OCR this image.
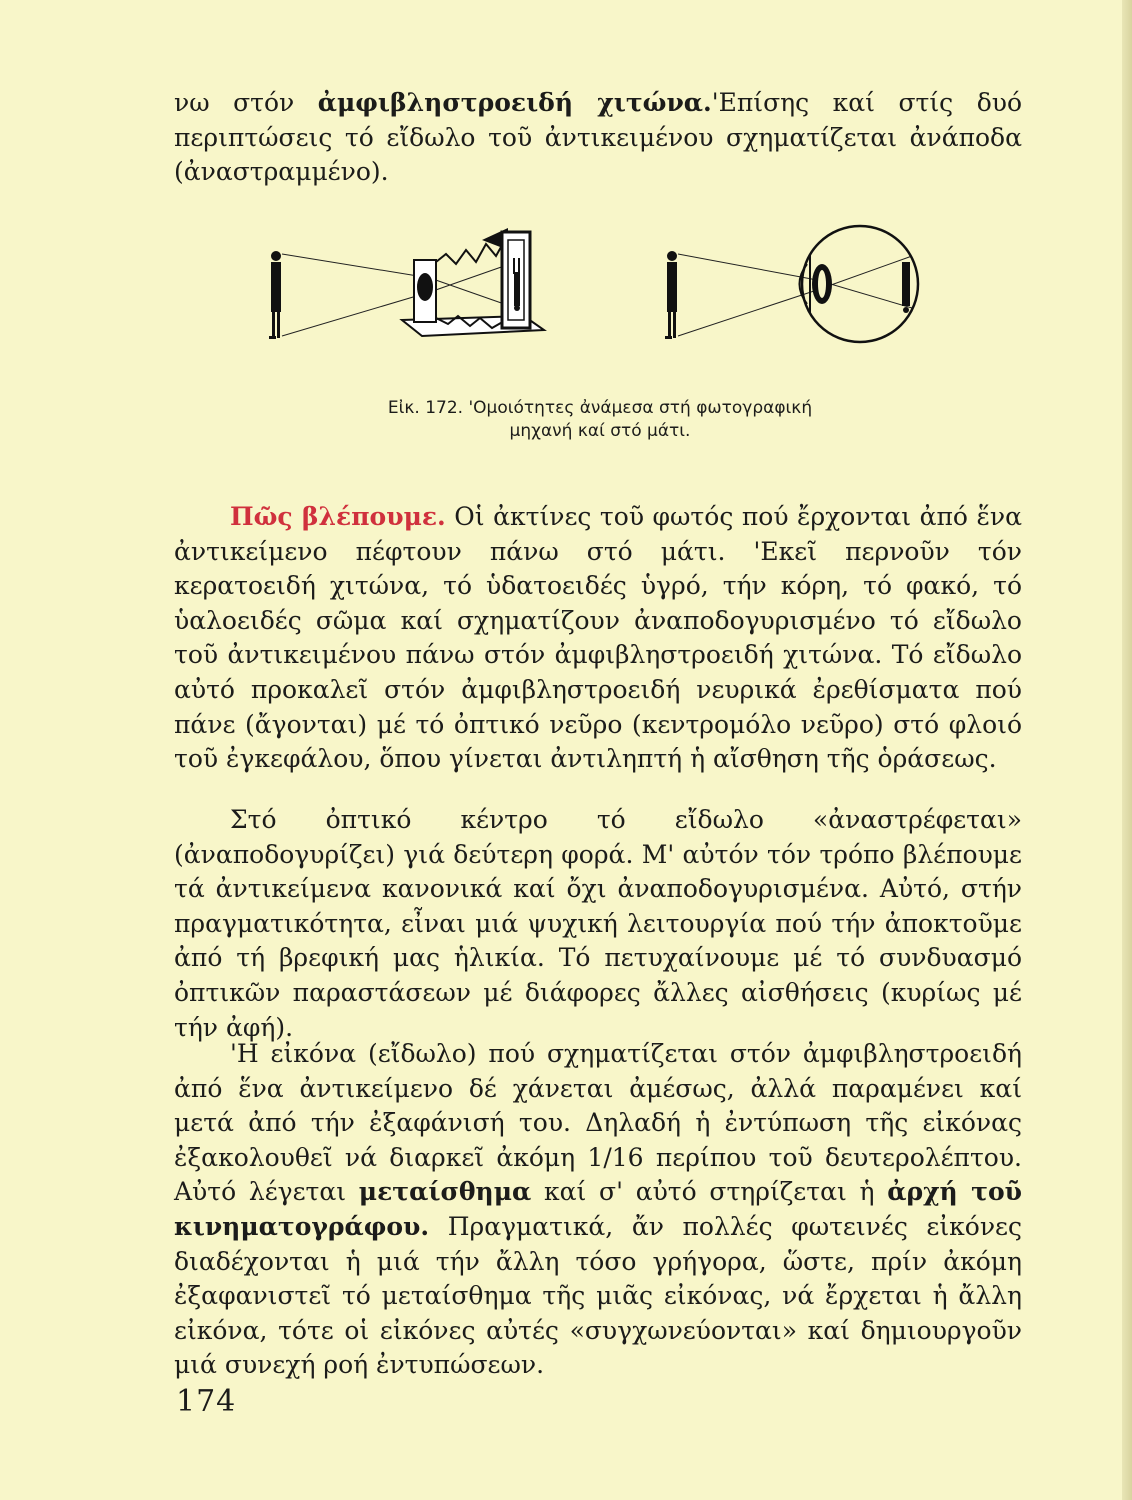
νω στόν ἀμφιβληστροειδή χιτώνα.'Επίσης καί στίς δυό περιπτώσεις τό εἴδωλο τοῦ ἀντικειμένου σχηματίζεται ἀνάποδα (ἀναστραμμένο).

Εἰκ. 172. 'Ομοιότητες ἀνάμεσα στή φωτογραφική
μηχανή καί στό μάτι.

Πῶς βλέπουμε. Οἱ ἀκτίνες τοῦ φωτός πού ἔρχονται ἀπό ἕνα ἀντικείμενο πέφτουν πάνω στό μάτι. 'Εκεῖ περνοῦν τόν κερατοειδή χιτώνα, τό ὑδατοειδές ὑγρό, τήν κόρη, τό φακό, τό ὑαλοειδές σῶμα καί σχηματίζουν ἀναποδογυρισμένο τό εἴδωλο τοῦ ἀντικειμένου πάνω στόν ἀμφιβληστροειδή χιτώνα. Τό εἴδωλο αὐτό προκαλεῖ στόν ἀμφιβληστροειδή νευρικά ἐρεθίσματα πού πάνε (ἄγονται) μέ τό ὀπτικό νεῦρο (κεντρομόλο νεῦρο) στό φλοιό τοῦ ἐγκεφάλου, ὅπου γίνεται ἀντιληπτή ἡ αἴσθηση τῆς ὁράσεως.

Στό ὀπτικό κέντρο τό εἴδωλο «ἀναστρέφεται» (ἀναποδογυρίζει) γιά δεύτερη φορά. Μ' αὐτόν τόν τρόπο βλέπουμε τά ἀντικείμενα κανονικά καί ὄχι ἀναποδογυρισμένα. Αὐτό, στήν πραγματικότητα, εἶναι μιά ψυχική λειτουργία πού τήν ἀποκτοῦμε ἀπό τή βρεφική μας ἡλικία. Τό πετυχαίνουμε μέ τό συνδυασμό ὀπτικῶν παραστάσεων μέ διάφορες ἄλλες αἰσθήσεις (κυρίως μέ τήν ἀφή).

'Η εἰκόνα (εἴδωλο) πού σχηματίζεται στόν ἀμφιβληστροειδή ἀπό ἕνα ἀντικείμενο δέ χάνεται ἀμέσως, ἀλλά παραμένει καί μετά ἀπό τήν ἐξαφάνισή του. Δηλαδή ἡ ἐντύπωση τῆς εἰκόνας ἐξακολουθεῖ νά διαρκεῖ ἀκόμη 1/16 περίπου τοῦ δευτερολέπτου. Αὐτό λέγεται μεταίσθημα καί σ' αὐτό στηρίζεται ἡ ἀρχή τοῦ κινηματογράφου. Πραγματικά, ἄν πολλές φωτεινές εἰκόνες διαδέχονται ἡ μιά τήν ἄλλη τόσο γρήγορα, ὥστε, πρίν ἀκόμη ἐξαφανιστεῖ τό μεταίσθημα τῆς μιᾶς εἰκόνας, νά ἔρχεται ἡ ἄλλη εἰκόνα, τότε οἱ εἰκόνες αὐτές «συγχωνεύονται» καί δημιουργοῦν μιά συνεχή ροή ἐντυπώσεων.

174
